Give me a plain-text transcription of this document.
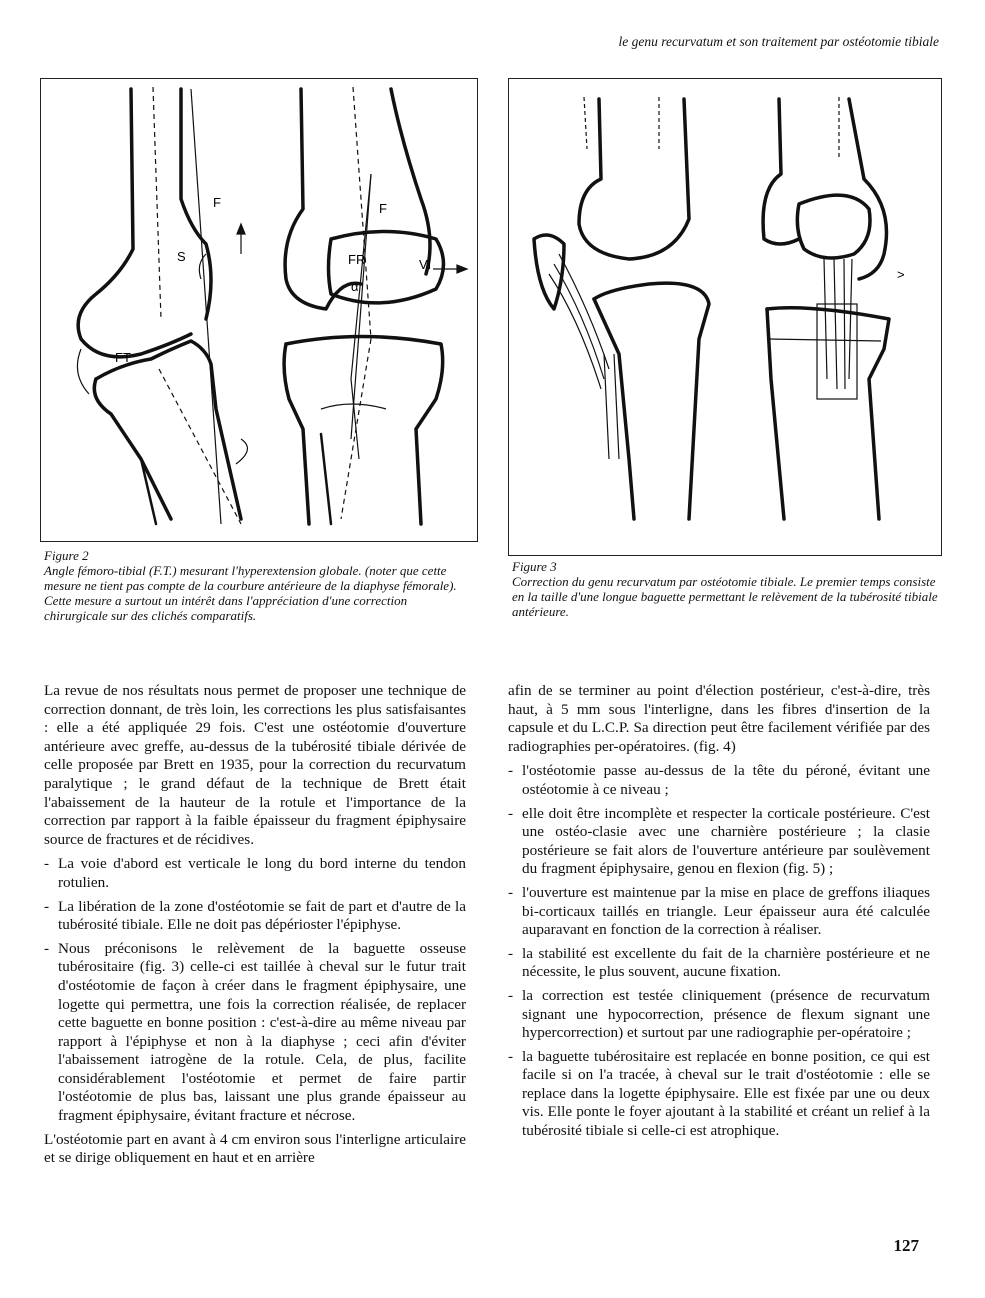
le genu recurvatum et son traitement par ostéotomie tibiale
F
S
FT
F
FR	VI
α
Figure 2
Angle fémoro-tibial (F.T.) mesurant l'hyperextension globale. (noter que cette mesure ne tient pas compte de la courbure antérieure de la diaphyse fémorale). Cette mesure a surtout un intérêt dans l'appréciation d'une correction chirurgicale sur des clichés comparatifs.
>
Figure 3
Correction du genu recurvatum par ostéotomie tibiale. Le premier temps consiste en la taille d'une longue baguette permettant le relèvement de la tubérosité tibiale antérieure.

La revue de nos résultats nous permet de proposer une technique de correction donnant, de très loin, les corrections les plus satisfaisantes : elle a été appliquée 29 fois. C'est une ostéotomie d'ouverture antérieure avec greffe, au-dessus de la tubérosité tibiale dérivée de celle proposée par Brett en 1935, pour la correction du recurvatum paralytique ; le grand défaut de la technique de Brett était l'abaissement de la hauteur de la rotule et l'importance de la correction par rapport à la faible épaisseur du fragment épiphysaire source de fractures et de récidives.

- La voie d'abord est verticale le long du bord interne du tendon rotulien.
- La libération de la zone d'ostéotomie se fait de part et d'autre de la tubérosité tibiale. Elle ne doit pas dépérioster l'épiphyse.
- Nous préconisons le relèvement de la baguette osseuse tubérositaire (fig. 3) celle-ci est taillée à cheval sur le futur trait d'ostéotomie de façon à créer dans le fragment épiphysaire, une logette qui permettra, une fois la correction réalisée, de replacer cette baguette en bonne position : c'est-à-dire au même niveau par rapport à l'épiphyse et non à la diaphyse ; ceci afin d'éviter l'abaissement iatrogène de la rotule. Cela, de plus, facilite considérablement l'ostéotomie et permet de faire partir l'ostéotomie de plus bas, laissant une plus grande épaisseur au fragment épiphysaire, évitant fracture et nécrose.

L'ostéotomie part en avant à 4 cm environ sous l'interligne articulaire et se dirige obliquement en haut et en arrière

afin de se terminer au point d'élection postérieur, c'est-à-dire, très haut, à 5 mm sous l'interligne, dans les fibres d'insertion de la capsule et du L.C.P. Sa direction peut être facilement vérifiée par des radiographies per-opératoires. (fig. 4)

- l'ostéotomie passe au-dessus de la tête du péroné, évitant une ostéotomie à ce niveau ;
- elle doit être incomplète et respecter la corticale postérieure. C'est une ostéo-clasie avec une charnière postérieure ; la clasie postérieure se fait alors de l'ouverture antérieure par soulèvement du fragment épiphysaire, genou en flexion (fig. 5) ;
- l'ouverture est maintenue par la mise en place de greffons iliaques bi-corticaux taillés en triangle. Leur épaisseur aura été calculée auparavant en fonction de la correction à réaliser.
- la stabilité est excellente du fait de la charnière postérieure et ne nécessite, le plus souvent, aucune fixation.
- la correction est testée cliniquement (présence de recurvatum signant une hypocorrection, présence de flexum signant une hypercorrection) et surtout par une radiographie per-opératoire ;
- la baguette tubérositaire est replacée en bonne position, ce qui est facile si on l'a tracée, à cheval sur le trait d'ostéotomie : elle se replace dans la logette épiphysaire. Elle est fixée par une ou deux vis. Elle ponte le foyer ajoutant à la stabilité et créant un relief à la tubérosité tibiale si celle-ci est atrophique.
127
